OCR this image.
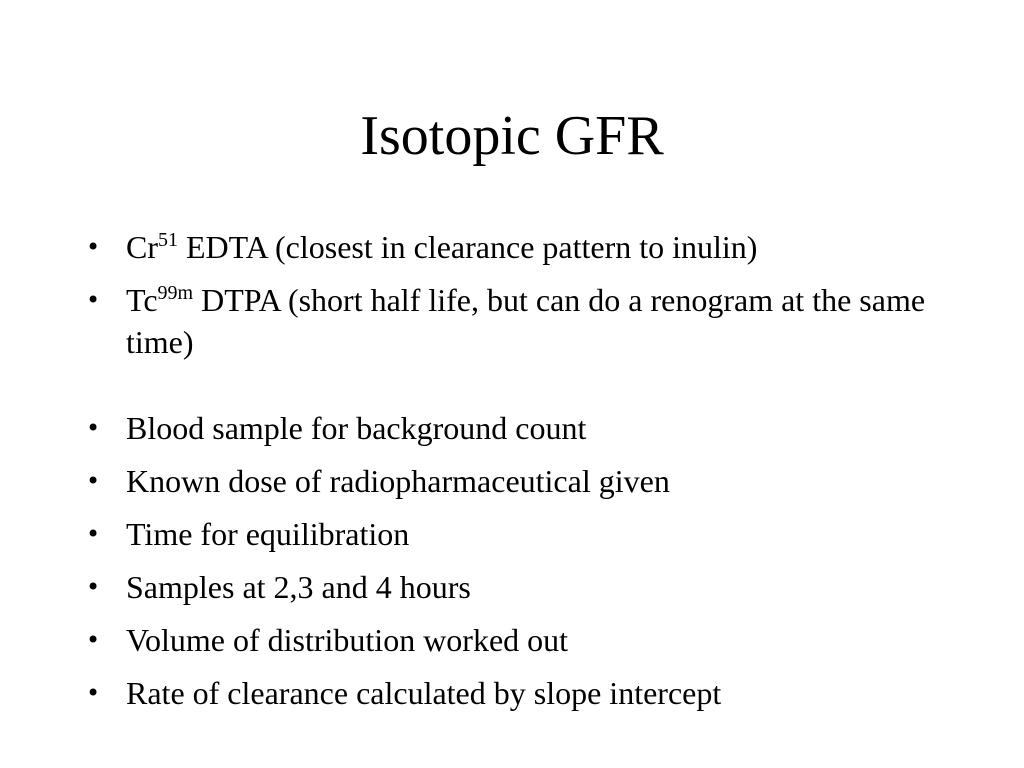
Isotopic GFR
• Cr$^{51}$ EDTA (closest in clearance pattern to inulin)
• $Tc^{99m}$ DTPA (short half life, but can do a renogram at the same time)
• Blood sample for background count
• Known dose of radiopharmaceutical given
• Time for equilibration
• Samples at 2,3 and 4 hours
• Volume of distribution worked out
• Rate of clearance calculated by slope intercept
